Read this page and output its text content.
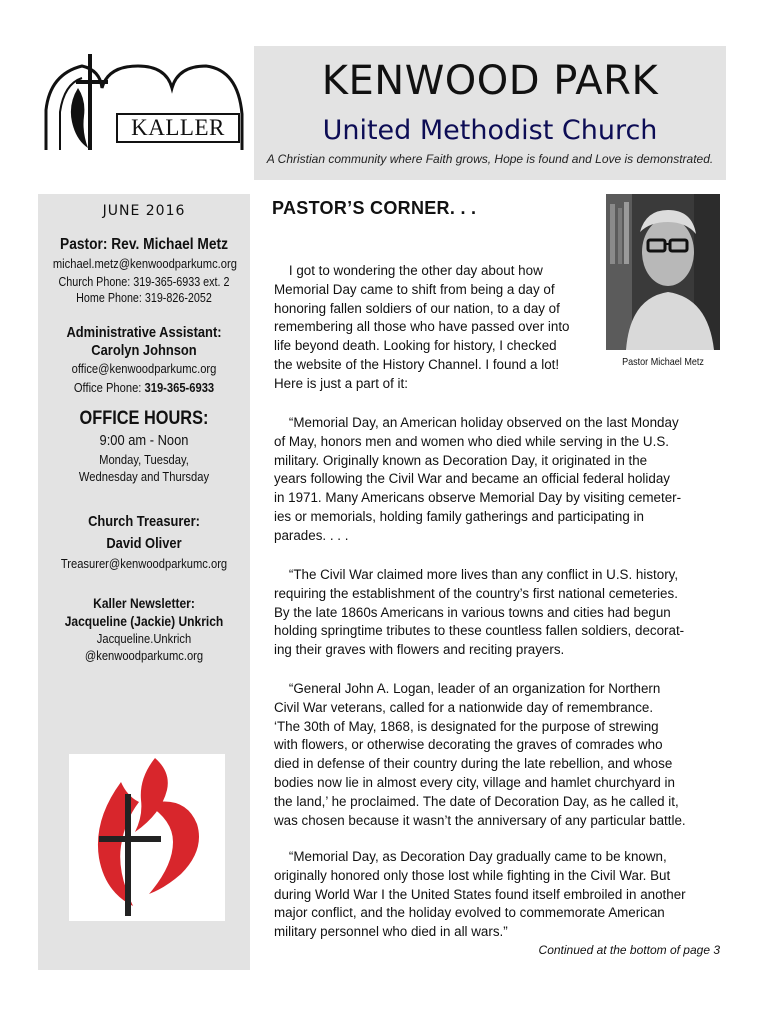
KALLER
KENWOOD PARK
United Methodist Church
A Christian community where Faith grows, Hope is found and Love is demonstrated.
JUNE 2016
Pastor: Rev. Michael Metz
michael.metz@kenwoodparkumc.org
Church Phone: 319-365-6933 ext. 2
Home Phone: 319-826-2052
Administrative Assistant:
Carolyn Johnson
office@kenwoodparkumc.org
Office Phone: 319-365-6933
OFFICE HOURS:
9:00 am - Noon
Monday, Tuesday,
Wednesday and Thursday
Church Treasurer:
David Oliver
Treasurer@kenwoodparkumc.org
Kaller Newsletter:
Jacqueline (Jackie) Unkrich
Jacqueline.Unkrich
@kenwoodparkumc.org
PASTOR’S CORNER. . .
Pastor Michael Metz

I got to wondering the other day about how

Memorial Day came to shift from being a day of

honoring fallen soldiers of our nation, to a day of

remembering all those who have passed over into

life beyond death. Looking for history, I checked

the website of the History Channel. I found a lot!

Here is just a part of it:

“Memorial Day, an American holiday observed on the last Monday

of May, honors men and women who died while serving in the U.S.

military. Originally known as Decoration Day, it originated in the

years following the Civil War and became an official federal holiday

in 1971. Many Americans observe Memorial Day by visiting cemeter-

ies or memorials, holding family gatherings and participating in

parades. . . .

“The Civil War claimed more lives than any conflict in U.S. history,

requiring the establishment of the country’s first national cemeteries.

By the late 1860s Americans in various towns and cities had begun

holding springtime tributes to these countless fallen soldiers, decorat-

ing their graves with flowers and reciting prayers.

“General John A. Logan, leader of an organization for Northern

Civil War veterans, called for a nationwide day of remembrance.

‘The 30th of May, 1868, is designated for the purpose of strewing

with flowers, or otherwise decorating the graves of comrades who

died in defense of their country during the late rebellion, and whose

bodies now lie in almost every city, village and hamlet churchyard in

the land,’ he proclaimed. The date of Decoration Day, as he called it,

was chosen because it wasn’t the anniversary of any particular battle.

“Memorial Day, as Decoration Day gradually came to be known,

originally honored only those lost while fighting in the Civil War. But

during World War I the United States found itself embroiled in another

major conflict, and the holiday evolved to commemorate American

military personnel who died in all wars.”

Continued at the bottom of page 3
